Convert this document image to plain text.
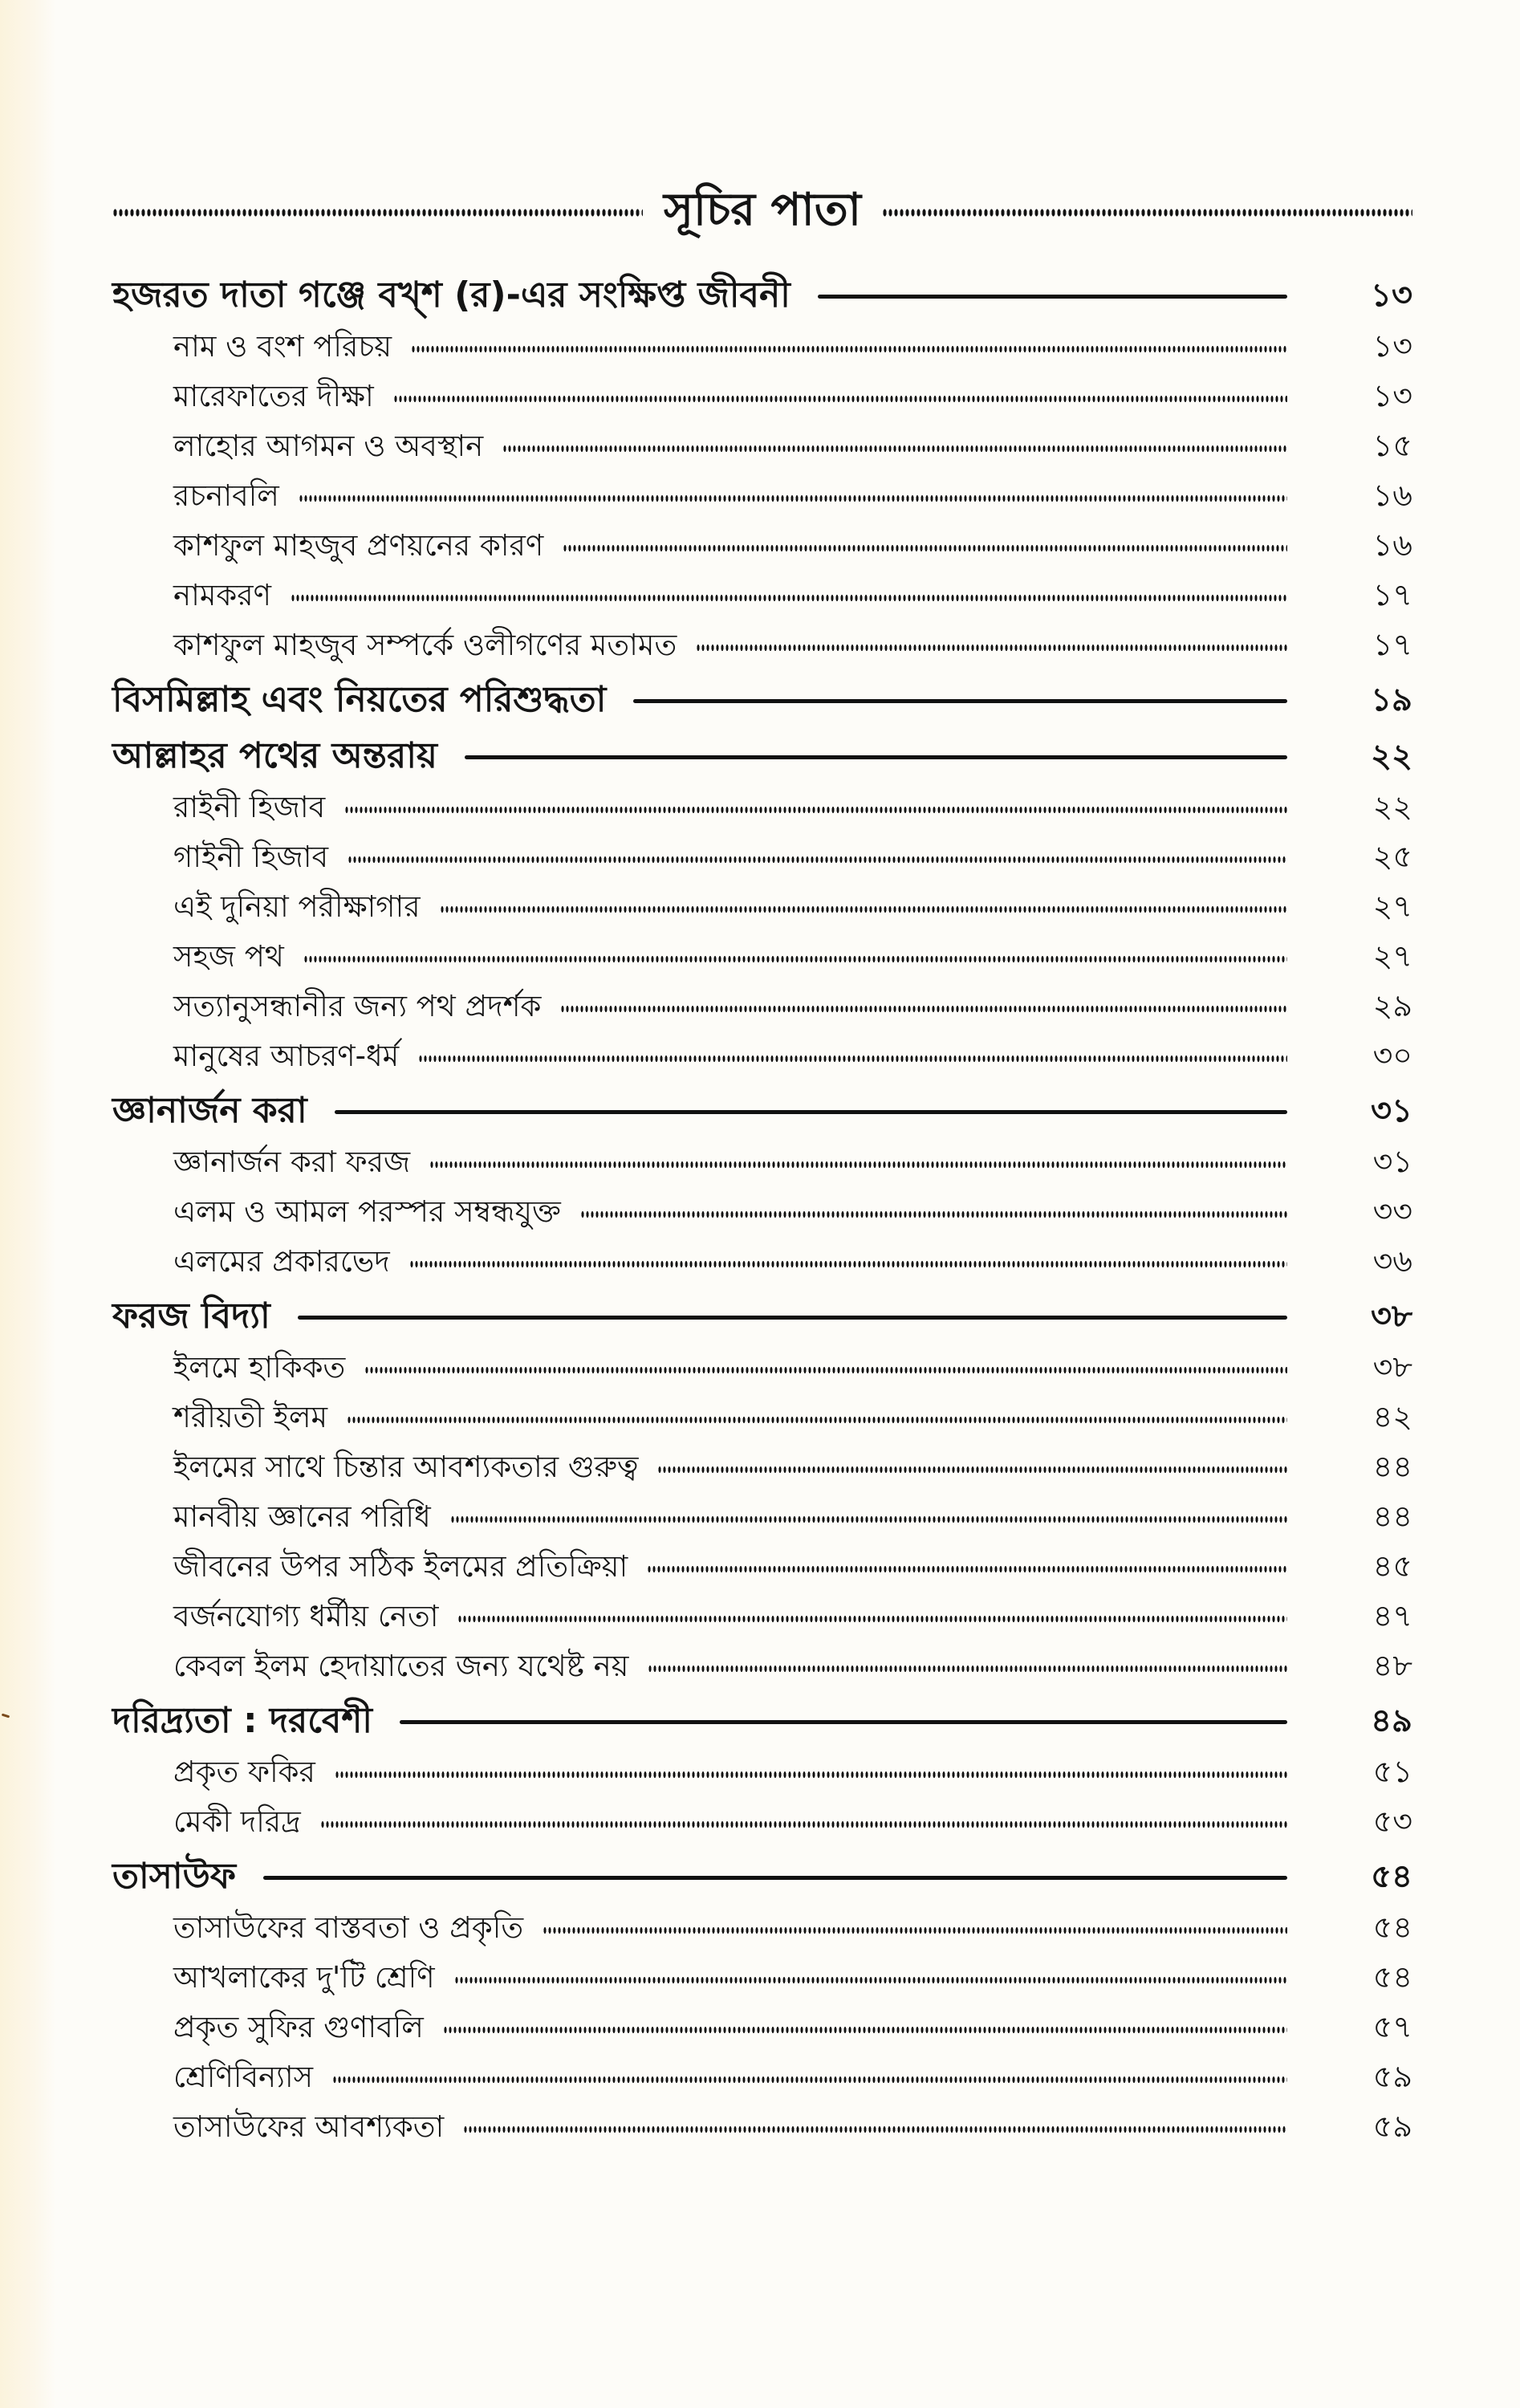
সূচির পাতা
হজরত দাতা গঞ্জে বখ্শ (র)-এর সংক্ষিপ্ত জীবনী	১৩
নাম ও বংশ পরিচয়	১৩
মারেফাতের দীক্ষা	১৩
লাহোর আগমন ও অবস্থান	১৫
রচনাবলি	১৬
কাশফুল মাহজুব প্রণয়নের কারণ	১৬
নামকরণ	১৭
কাশফুল মাহজুব সম্পর্কে ওলীগণের মতামত	১৭
বিসমিল্লাহ এবং নিয়তের পরিশুদ্ধতা	১৯
আল্লাহর পথের অন্তরায়	২২
রাইনী হিজাব	২২
গাইনী হিজাব	২৫
এই দুনিয়া পরীক্ষাগার	২৭
সহজ পথ	২৭
সত্যানুসন্ধানীর জন্য পথ প্রদর্শক	২৯
মানুষের আচরণ-ধর্ম	৩০
জ্ঞানার্জন করা	৩১
জ্ঞানার্জন করা ফরজ	৩১
এলম ও আমল পরস্পর সম্বন্ধযুক্ত	৩৩
এলমের প্রকারভেদ	৩৬
ফরজ বিদ্যা	৩৮
ইলমে হাকিকত	৩৮
শরীয়তী ইলম	৪২
ইলমের সাথে চিন্তার আবশ্যকতার গুরুত্ব	৪৪
মানবীয় জ্ঞানের পরিধি	৪৪
জীবনের উপর সঠিক ইলমের প্রতিক্রিয়া	৪৫
বর্জনযোগ্য ধর্মীয় নেতা	৪৭
কেবল ইলম হেদায়াতের জন্য যথেষ্ট নয়	৪৮
দরিদ্র্যতা : দরবেশী	৪৯
প্রকৃত ফকির	৫১
মেকী দরিদ্র	৫৩
তাসাউফ	৫৪
তাসাউফের বাস্তবতা ও প্রকৃতি	৫৪
আখলাকের দু'টি শ্রেণি	৫৪
প্রকৃত সুফির গুণাবলি	৫৭
শ্রেণিবিন্যাস	৫৯
তাসাউফের আবশ্যকতা	৫৯
